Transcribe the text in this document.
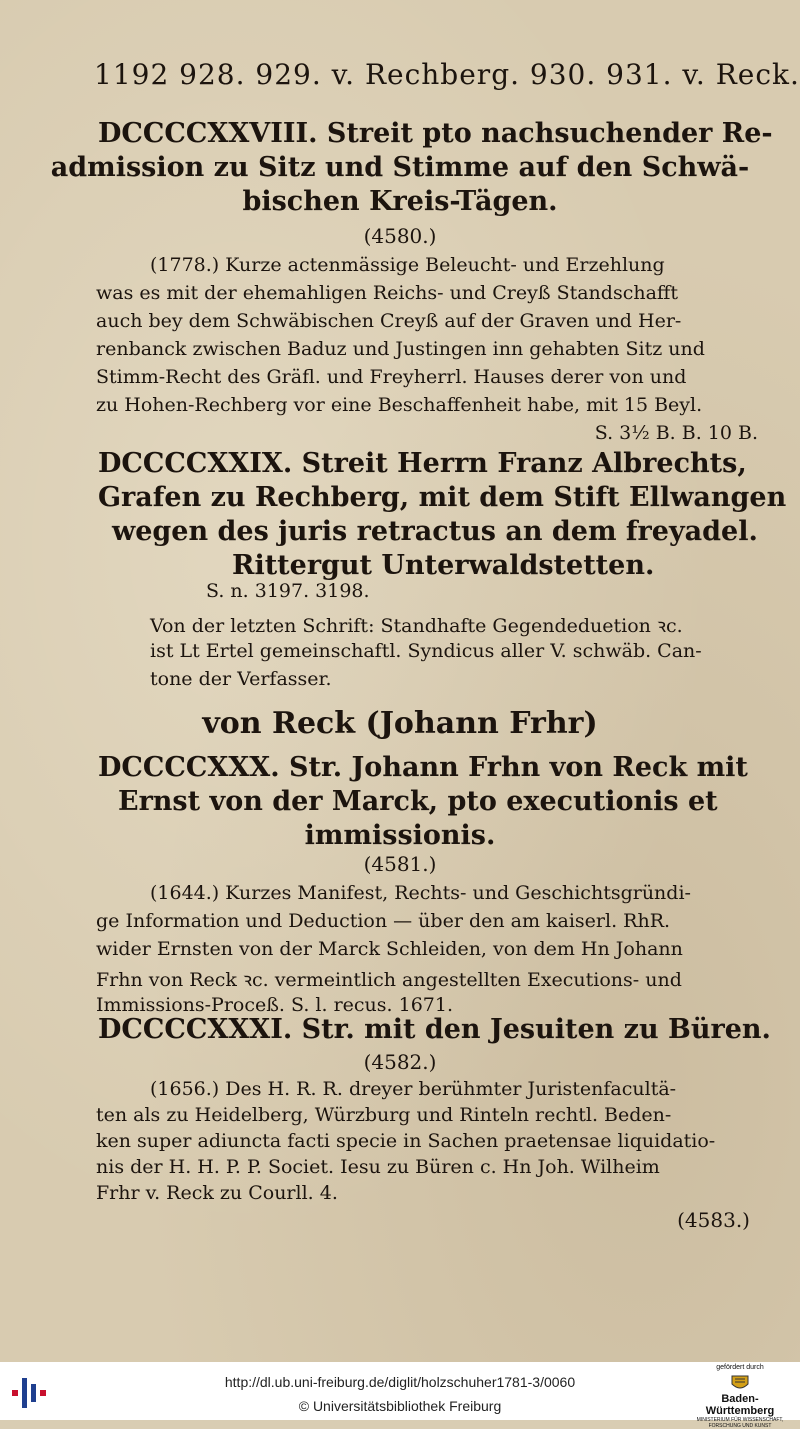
1192 928. 929. v. Rechberg. 930. 931. v. Reck.
DCCCCXXVIII. Streit pto nachsuchender Re-
admission zu Sitz und Stimme auf den Schwä-
bischen Kreis-Tägen.
(4580.)
(1778.) Kurze actenmässige Beleucht- und Erzehlung
was es mit der ehemahligen Reichs- und Creyß Standschafft
auch bey dem Schwäbischen Creyß auf der Graven und Her-
renbanck zwischen Baduz und Justingen inn gehabten Sitz und
Stimm-Recht des Gräfl. und Freyherrl. Hauses derer von und
zu Hohen-Rechberg vor eine Beschaffenheit habe, mit 15 Beyl.
S. 3½ B. B. 10 B.
DCCCCXXIX. Streit Herrn Franz Albrechts,
Grafen zu Rechberg, mit dem Stift Ellwangen
wegen des juris retractus an dem freyadel.
Rittergut Unterwaldstetten.
S. n. 3197. 3198.
Von der letzten Schrift: Standhafte Gegendeduetion ꝛc.
ist Lt Ertel gemeinschaftl. Syndicus aller V. schwäb. Can-
tone der Verfasser.
von Reck (Johann Frhr)
DCCCCXXX. Str. Johann Frhn von Reck mit
Ernst von der Marck, pto executionis et
immissionis.
(4581.)
(1644.) Kurzes Manifest, Rechts- und Geschichtsgründi-
ge Information und Deduction — über den am kaiserl. RhR.
wider Ernsten von der Marck Schleiden, von dem Hn Johann
Frhn von Reck ꝛc. vermeintlich angestellten Executions- und
Immissions-Proceß. S. l. recus. 1671.
DCCCCXXXI. Str. mit den Jesuiten zu Büren.
(4582.)
(1656.) Des H. R. R. dreyer berühmter Juristenfacultä-
ten als zu Heidelberg, Würzburg und Rinteln rechtl. Beden-
ken super adiuncta facti specie in Sachen praetensae liquidatio-
nis der H. H. P. P. Societ. Iesu zu Büren c. Hn Joh. Wilheim
Frhr v. Reck zu Courll. 4.
(4583.)
http://dl.ub.uni-freiburg.de/diglit/holzschuher1781-3/0060
© Universitätsbibliothek Freiburg
gefördert durch
Baden-Württemberg
MINISTERIUM FÜR WISSENSCHAFT, FORSCHUNG UND KUNST
